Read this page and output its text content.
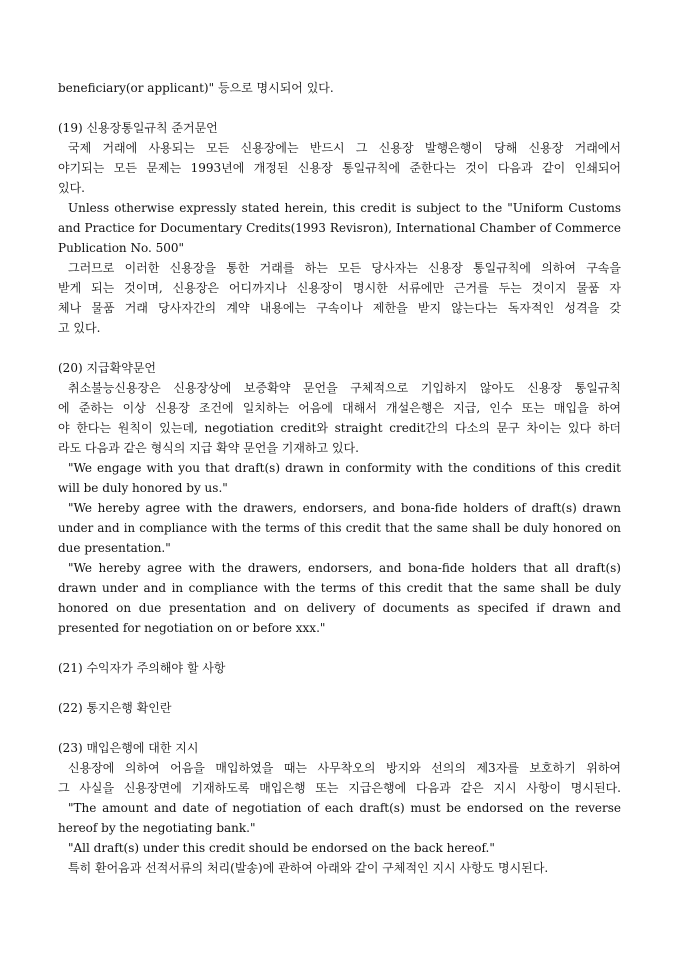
beneficiary(or applicant)" 등으로 명시되어 있다.
(19) 신용장통일규칙 준거문언
국제 거래에 사용되는 모든 신용장에는 반드시 그 신용장 발행은행이 당해 신용장 거래에서
야기되는 모든 문제는 1993년에 개정된 신용장 통일규칙에 준한다는 것이 다음과 같이 인쇄되어
있다.
Unless otherwise expressly stated herein, this credit is subject to the "Uniform Customs
and Practice for Documentary Credits(1993 Revisron), International Chamber of Commerce
Publication No. 500"
그러므로 이러한 신용장을 통한 거래를 하는 모든 당사자는 신용장 통일규칙에 의하여 구속을
받게 되는 것이며, 신용장은 어디까지나 신용장이 명시한 서류에만 근거를 두는 것이지 물품 자
체나 물품 거래 당사자간의 계약 내용에는 구속이나 제한을 받지 않는다는 독자적인 성격을 갖
고 있다.
(20) 지급확약문언
취소불능신용장은 신용장상에 보증확약 문언을 구체적으로 기입하지 않아도 신용장 통일규칙
에 준하는 이상 신용장 조건에 일치하는 어음에 대해서 개설은행은 지급, 인수 또는 매입을 하여
야 한다는 원칙이 있는데, negotiation credit와 straight credit간의 다소의 문구 차이는 있다 하더
라도 다음과 같은 형식의 지급 확약 문언을 기재하고 있다.
"We engage with you that draft(s) drawn in conformity with the conditions of this credit
will be duly honored by us."
"We hereby agree with the drawers, endorsers, and bona-fide holders of draft(s) drawn
under and in compliance with the terms of this credit that the same shall be duly honored on
due presentation."
"We hereby agree with the drawers, endorsers, and bona-fide holders that all draft(s)
drawn under and in compliance with the terms of this credit that the same shall be duly
honored on due presentation and on delivery of documents as specifed if drawn and
presented for negotiation on or before xxx."
(21) 수익자가 주의해야 할 사항
(22) 통지은행 확인란
(23) 매입은행에 대한 지시
신용장에 의하여 어음을 매입하였을 때는 사무착오의 방지와 선의의 제3자를 보호하기 위하여
그 사실을 신용장면에 기재하도록 매입은행 또는 지급은행에 다음과 같은 지시 사항이 명시된다.
"The amount and date of negotiation of each draft(s) must be endorsed on the reverse
hereof by the negotiating bank."
"All draft(s) under this credit should be endorsed on the back hereof."
특히 환어음과 선적서류의 처리(발송)에 관하여 아래와 같이 구체적인 지시 사항도 명시된다.
